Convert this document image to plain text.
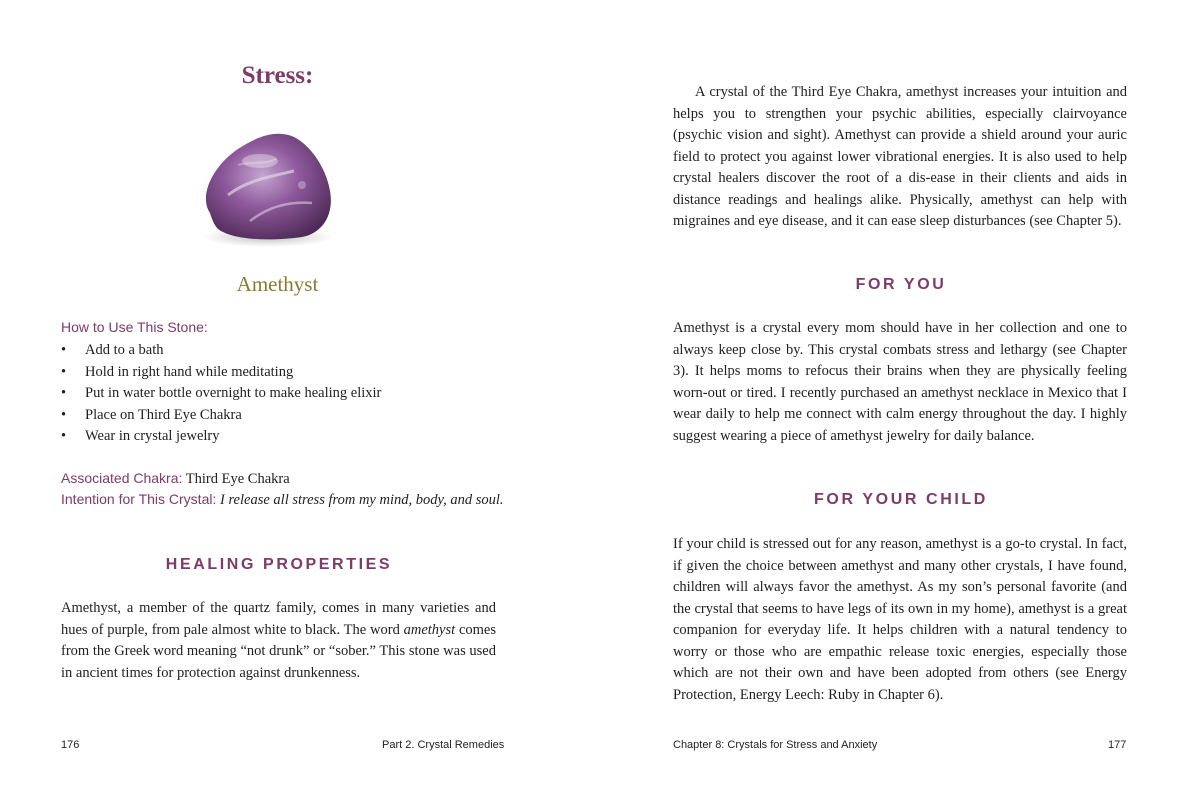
Stress:
Amethyst
How to Use This Stone:
• Add to a bath
• Hold in right hand while meditating
• Put in water bottle overnight to make healing elixir
• Place on Third Eye Chakra
• Wear in crystal jewelry
Associated Chakra: Third Eye Chakra
Intention for This Crystal: I release all stress from my mind, body, and soul.
HEALING PROPERTIES

Amethyst, a member of the quartz family, comes in many varieties and hues of purple, from pale almost white to black. The word amethyst comes from the Greek word meaning “not drunk” or “sober.” This stone was used in ancient times for protection against drunkenness.

176	Part 2. Crystal Remedies

A crystal of the Third Eye Chakra, amethyst increases your intuition and helps you to strengthen your psychic abilities, especially clairvoyance (psychic vision and sight). Amethyst can provide a shield around your auric field to protect you against lower vibrational energies. It is also used to help crystal healers discover the root of a dis-ease in their clients and aids in distance readings and healings alike. Physically, amethyst can help with migraines and eye disease, and it can ease sleep disturbances (see Chapter 5).

FOR YOU

Amethyst is a crystal every mom should have in her collection and one to always keep close by. This crystal combats stress and lethargy (see Chapter 3). It helps moms to refocus their brains when they are physically feeling worn-out or tired. I recently purchased an amethyst necklace in Mexico that I wear daily to help me connect with calm energy throughout the day. I highly suggest wearing a piece of amethyst jewelry for daily balance.

FOR YOUR CHILD

If your child is stressed out for any reason, amethyst is a go-to crystal. In fact, if given the choice between amethyst and many other crystals, I have found, children will always favor the amethyst. As my son’s personal favorite (and the crystal that seems to have legs of its own in my home), amethyst is a great companion for everyday life. It helps children with a natural tendency to worry or those who are empathic release toxic energies, especially those which are not their own and have been adopted from others (see Energy Protection, Energy Leech: Ruby in Chapter 6).

Chapter 8: Crystals for Stress and Anxiety	177
